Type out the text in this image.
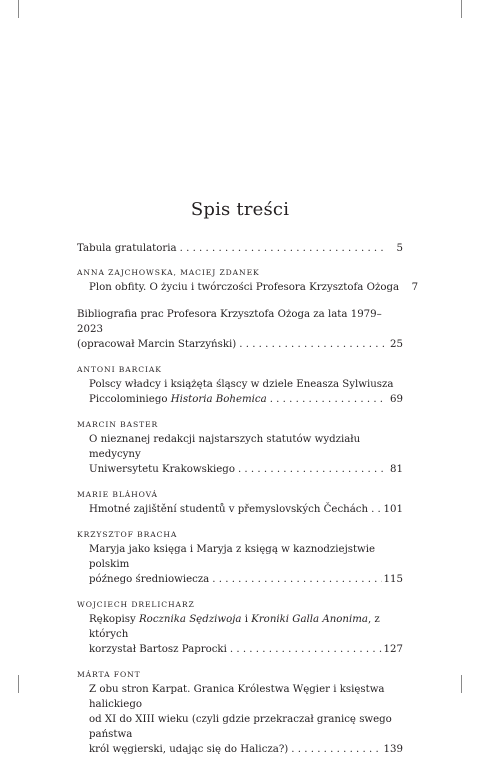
Spis treści
Tabula gratulatoria . . .	5
ANNA ZAJCHOWSKA, MACIEJ ZDANEK
Plon obfity. O życiu i twórczości Profesora Krzysztofa Ożoga	7
Bibliografia prac Profesora Krzysztofa Ożoga za lata 1979–2023
(opracował Marcin Starzyński) . . .	25
ANTONI BARCIAK
Polscy władcy i książęta śląscy w dziele Eneasza Sylwiusza
Piccolominiego Historia Bohemica . . .	69
MARCIN BASTER
O nieznanej redakcji najstarszych statutów wydziału medycyny
Uniwersytetu Krakowskiego . . .	81
MARIE BLÁHOVÁ
Hmotné zajištění studentů v přemyslovských Čechách . . . 101
KRZYSZTOF BRACHA
Maryja jako księga i Maryja z księgą w kaznodziejstwie polskim
późnego średniowiecza . . .	115
WOJCIECH DRELICHARZ
Rękopisy Rocznika Sędziwoja i Kroniki Galla Anonima, z których
korzystał Bartosz Paprocki . . .	127
MÁRTA FONT
Z obu stron Karpat. Granica Królestwa Węgier i księstwa halickiego
od XI do XIII wieku (czyli gdzie przekraczał granicę swego państwa
król węgierski, udając się do Halicza?) . . .	139
